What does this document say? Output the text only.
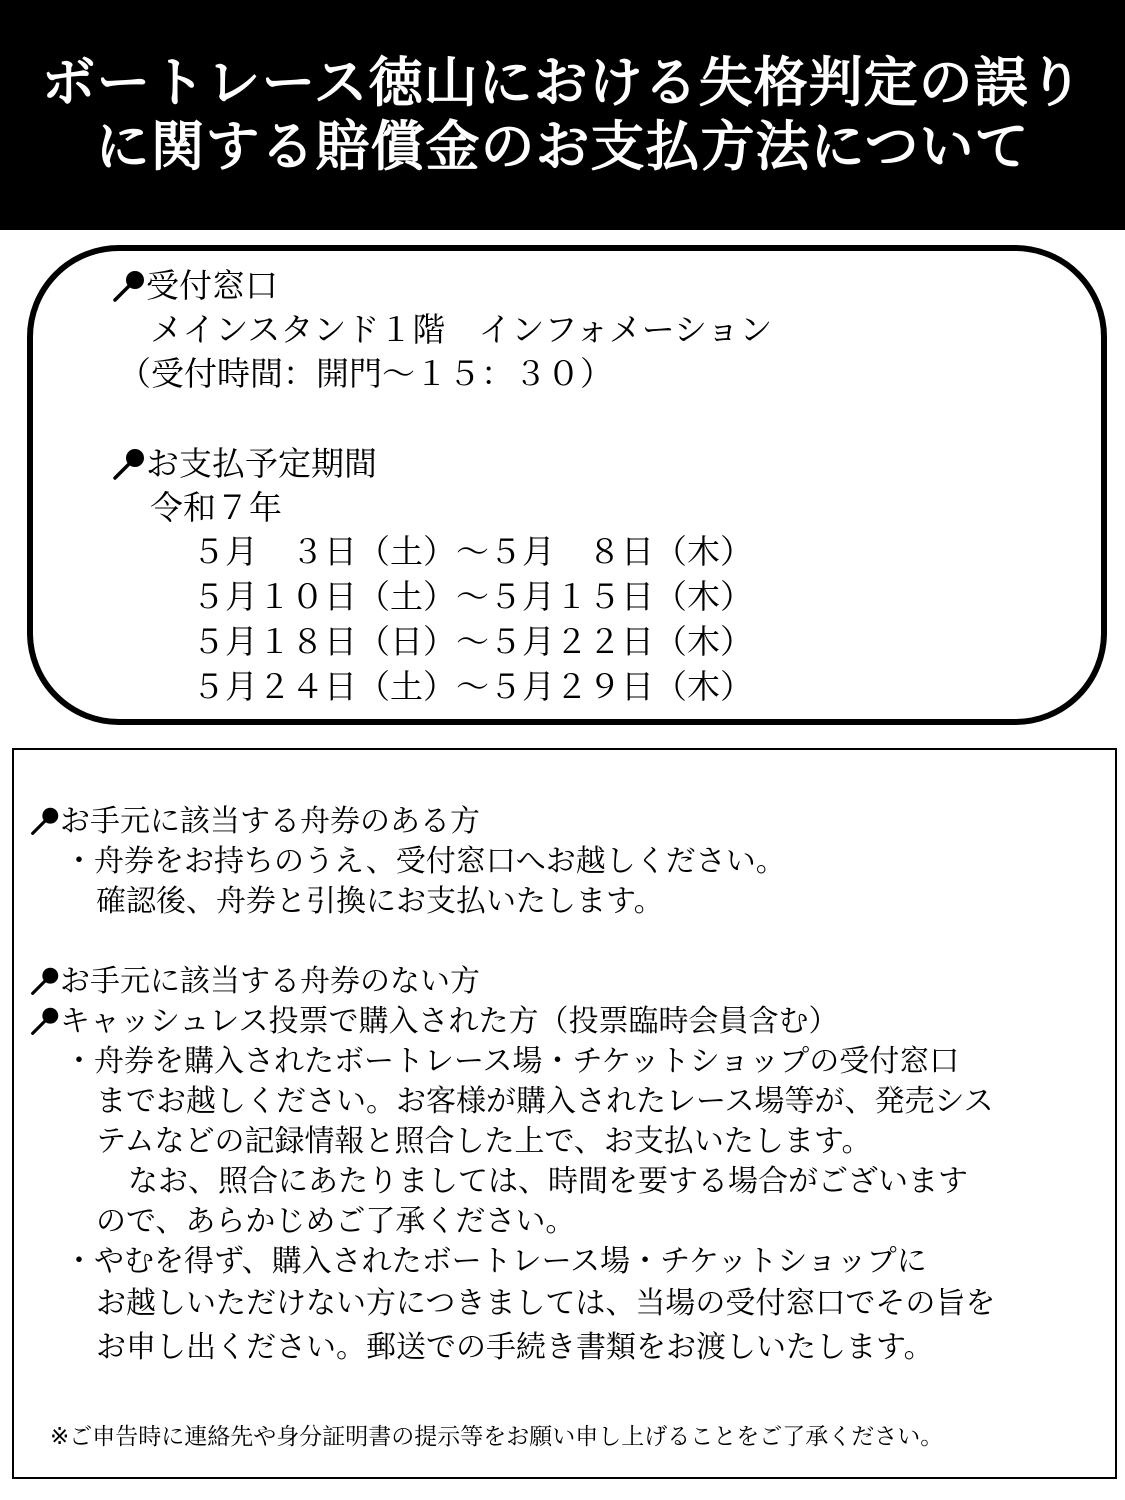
ボートレース徳山における失格判定の誤り
に関する賠償金のお支払方法について
受付窓口
メインスタンド１階　インフォメーション
（受付時間：開門～１５：３０）
お支払予定期間
令和７年
５月　３日（土）～５月　８日（木）
５月１０日（土）～５月１５日（木）
５月１８日（日）～５月２２日（木）
５月２４日（土）～５月２９日（木）
お手元に該当する舟券のある方
・舟券をお持ちのうえ、受付窓口へお越しください。
確認後、舟券と引換にお支払いたします。
お手元に該当する舟券のない方
キャッシュレス投票で購入された方（投票臨時会員含む）
・舟券を購入されたボートレース場・チケットショップの受付窓口
までお越しください。お客様が購入されたレース場等が、発売シス
テムなどの記録情報と照合した上で、お支払いたします。
なお、照合にあたりましては、時間を要する場合がございます
ので、あらかじめご了承ください。
・やむを得ず、購入されたボートレース場・チケットショップに
お越しいただけない方につきましては、当場の受付窓口でその旨を
お申し出ください。郵送での手続き書類をお渡しいたします。
※ご申告時に連絡先や身分証明書の提示等をお願い申し上げることをご了承ください。
